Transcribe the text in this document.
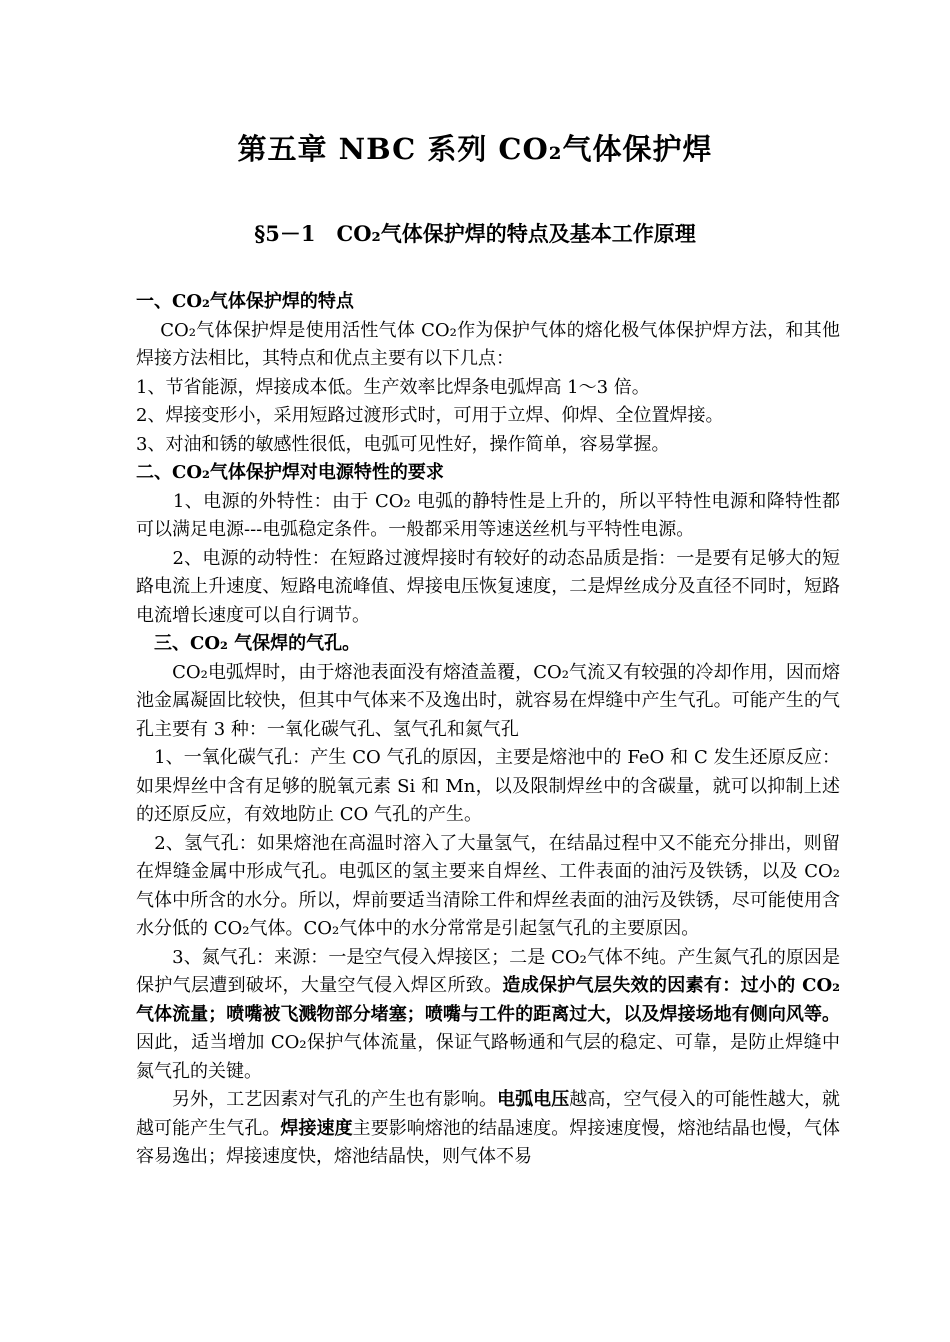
第五章 NBC 系列 CO₂气体保护焊
§5－1　CO₂气体保护焊的特点及基本工作原理

一、CO₂气体保护焊的特点

　 CO₂气体保护焊是使用活性气体 CO₂作为保护气体的熔化极气体保护焊方法，和其他焊接方法相比，其特点和优点主要有以下几点：

1、节省能源，焊接成本低。生产效率比焊条电弧焊高 1～3 倍。

2、焊接变形小，采用短路过渡形式时，可用于立焊、仰焊、全位置焊接。

3、对油和锈的敏感性很低，电弧可见性好，操作简单，容易掌握。

二、CO₂气体保护焊对电源特性的要求

　　1、电源的外特性：由于 CO₂ 电弧的静特性是上升的，所以平特性电源和降特性都可以满足电源---电弧稳定条件。一般都采用等速送丝机与平特性电源。

　　2、电源的动特性：在短路过渡焊接时有较好的动态品质是指：一是要有足够大的短路电流上升速度、短路电流峰值、焊接电压恢复速度，二是焊丝成分及直径不同时，短路电流增长速度可以自行调节。

　三、CO₂ 气保焊的气孔。

　　CO₂电弧焊时，由于熔池表面没有熔渣盖覆，CO₂气流又有较强的冷却作用，因而熔池金属凝固比较快，但其中气体来不及逸出时，就容易在焊缝中产生气孔。可能产生的气孔主要有 3 种：一氧化碳气孔、氢气孔和氮气孔

　1、一氧化碳气孔：产生 CO 气孔的原因，主要是熔池中的 FeO 和 C 发生还原反应：如果焊丝中含有足够的脱氧元素 Si 和 Mn，以及限制焊丝中的含碳量，就可以抑制上述的还原反应，有效地防止 CO 气孔的产生。

　2、氢气孔：如果熔池在高温时溶入了大量氢气，在结晶过程中又不能充分排出，则留在焊缝金属中形成气孔。电弧区的氢主要来自焊丝、工件表面的油污及铁锈，以及 CO₂气体中所含的水分。所以，焊前要适当清除工件和焊丝表面的油污及铁锈，尽可能使用含水分低的 CO₂气体。CO₂气体中的水分常常是引起氢气孔的主要原因。

　　3、氮气孔：来源：一是空气侵入焊接区；二是 CO₂气体不纯。产生氮气孔的原因是保护气层遭到破坏，大量空气侵入焊区所致。造成保护气层失效的因素有：过小的 CO₂气体流量；喷嘴被飞溅物部分堵塞；喷嘴与工件的距离过大，以及焊接场地有侧向风等。因此，适当增加 CO₂保护气体流量，保证气路畅通和气层的稳定、可靠，是防止焊缝中氮气孔的关键。

　　另外，工艺因素对气孔的产生也有影响。电弧电压越高，空气侵入的可能性越大，就越可能产生气孔。焊接速度主要影响熔池的结晶速度。焊接速度慢，熔池结晶也慢，气体容易逸出；焊接速度快，熔池结晶快，则气体不易
